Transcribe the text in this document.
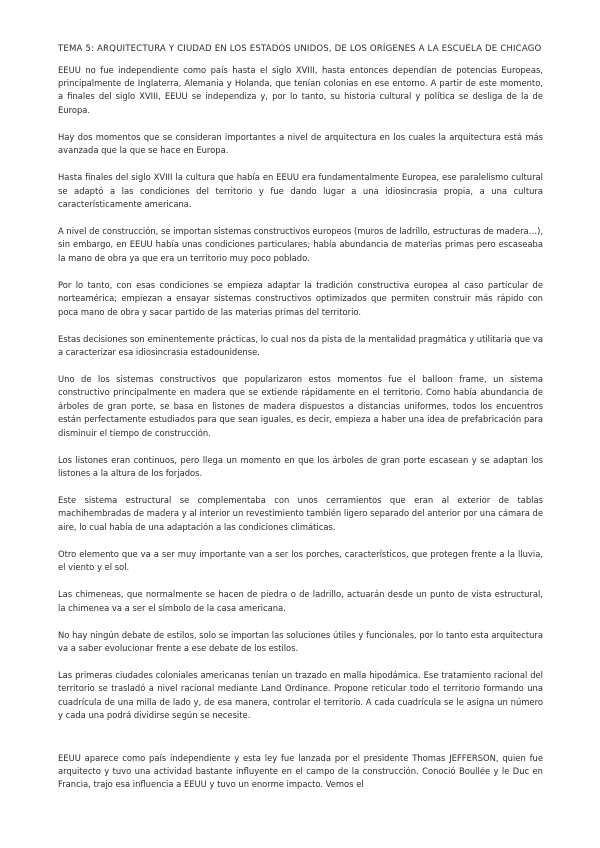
TEMA 5: ARQUITECTURA Y CIUDAD EN LOS ESTADOS UNIDOS, DE LOS ORÍGENES A LA ESCUELA DE CHICAGO

EEUU no fue independiente como país hasta el siglo XVIII, hasta entonces dependían de potencias Europeas, principalmente de Inglaterra, Alemania y Holanda, que tenían colonias en ese entorno. A partir de este momento, a finales del siglo XVIII, EEUU se independiza y, por lo tanto, su historia cultural y política se desliga de la de Europa.

Hay dos momentos que se consideran importantes a nivel de arquitectura en los cuales la arquitectura está más avanzada que la que se hace en Europa.

Hasta finales del siglo XVIII la cultura que había en EEUU era fundamentalmente Europea, ese paralelismo cultural se adaptó a las condiciones del territorio y fue dando lugar a una idiosincrasia propia, a una cultura característicamente americana.

A nivel de construcción, se importan sistemas constructivos europeos (muros de ladrillo, estructuras de madera…), sin embargo, en EEUU había unas condiciones particulares; había abundancia de materias primas pero escaseaba la mano de obra ya que era un territorio muy poco poblado.

Por lo tanto, con esas condiciones se empieza adaptar la tradición constructiva europea al caso particular de norteamérica; empiezan a ensayar sistemas constructivos optimizados que permiten construir más rápido con poca mano de obra y sacar partido de las materias primas del territorio.

Estas decisiones son eminentemente prácticas, lo cual nos da pista de la mentalidad pragmática y utilitaria que va a caracterizar esa idiosincrasia estadounidense.

Uno de los sistemas constructivos que popularizaron estos momentos fue el balloon frame, un sistema constructivo principalmente en madera que se extiende rápidamente en el territorio. Como había abundancia de árboles de gran porte, se basa en listones de madera dispuestos a distancias uniformes, todos los encuentros están perfectamente estudiados para que sean iguales, es decir, empieza a haber una idea de prefabricación para disminuir el tiempo de construcción.

Los listones eran continuos, pero llega un momento en que los árboles de gran porte escasean y se adaptan los listones a la altura de los forjados.

Este sistema estructural se complementaba con unos cerramientos que eran al exterior de tablas machihembradas de madera y al interior un revestimiento también ligero separado del anterior por una cámara de aire, lo cual había de una adaptación a las condiciones climáticas.

Otro elemento que va a ser muy importante van a ser los porches, característicos, que protegen frente a la lluvia, el viento y el sol.

Las chimeneas, que normalmente se hacen de piedra o de ladrillo, actuarán desde un punto de vista estructural, la chimenea va a ser el símbolo de la casa americana.

No hay ningún debate de estilos, solo se importan las soluciones útiles y funcionales, por lo tanto esta arquitectura va a saber evolucionar frente a ese debate de los estilos.

Las primeras ciudades coloniales americanas tenían un trazado en malla hipodámica. Ese tratamiento racional del territorio se trasladó a nivel racional mediante Land Ordinance. Propone reticular todo el territorio formando una cuadrícula de una milla de lado y, de esa manera, controlar el territorio. A cada cuadrícula se le asigna un número y cada una podrá dividirse según se necesite.

EEUU aparece como país independiente y esta ley fue lanzada por el presidente Thomas JEFFERSON, quien fue arquitecto y tuvo una actividad bastante influyente en el campo de la construcción. Conoció Boullée y le Duc en Francia, trajo esa influencia a EEUU y tuvo un enorme impacto. Vemos el
